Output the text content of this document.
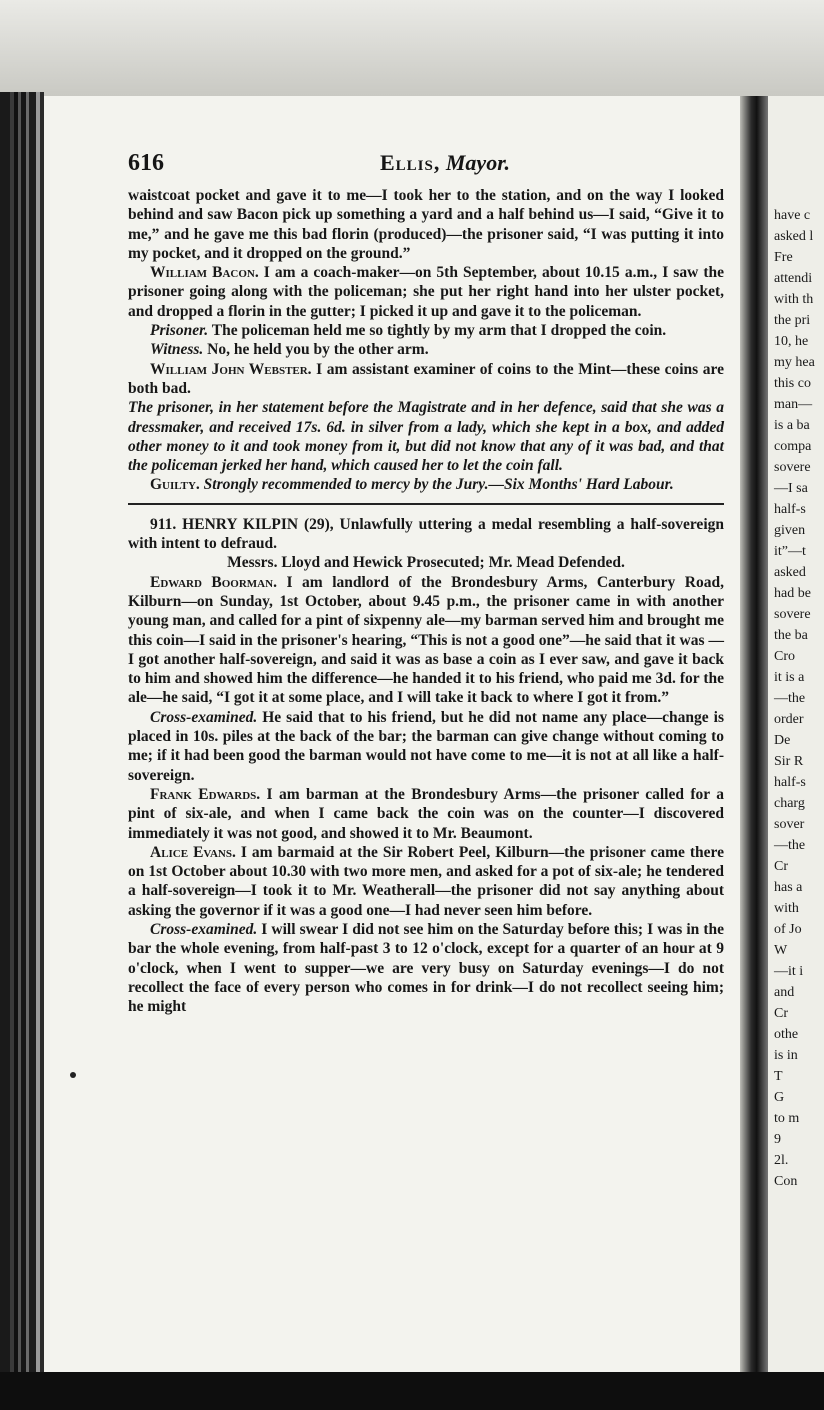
have c
asked l
Fre
attendi
with th
the pri
10, he
my hea
this co
man—
is a ba
compa
sovere
—I sa
half-s
given
it”—t
asked
had be
sovere
the ba
Cro
it is a
—the
order
De
Sir R
half-s
charg
sover
—the
Cr
has a
with
of Jo
W
—it i
and
Cr
othe
is in
T
G
to m
9
2l.
Con
616	Ellis, Mayor.

waistcoat pocket and gave it to me—I took her to the station, and on the way I looked behind and saw Bacon pick up something a yard and a half behind us—I said, “Give it to me,” and he gave me this bad florin (produced)—the prisoner said, “I was putting it into my pocket, and it dropped on the ground.”

William Bacon. I am a coach-maker—on 5th September, about 10.15 a.m., I saw the prisoner going along with the policeman; she put her right hand into her ulster pocket, and dropped a florin in the gutter; I picked it up and gave it to the policeman.

Prisoner. The policeman held me so tightly by my arm that I dropped the coin.

Witness. No, he held you by the other arm.

William John Webster. I am assistant examiner of coins to the Mint—these coins are both bad.

The prisoner, in her statement before the Magistrate and in her defence, said that she was a dressmaker, and received 17s. 6d. in silver from a lady, which she kept in a box, and added other money to it and took money from it, but did not know that any of it was bad, and that the policeman jerked her hand, which caused her to let the coin fall.

Guilty. Strongly recommended to mercy by the Jury.—Six Months' Hard Labour.

911. HENRY KILPIN (29), Unlawfully uttering a medal resembling a half-sovereign with intent to defraud.

Messrs. Lloyd and Hewick Prosecuted; Mr. Mead Defended.

Edward Boorman. I am landlord of the Brondesbury Arms, Canterbury Road, Kilburn—on Sunday, 1st October, about 9.45 p.m., the prisoner came in with another young man, and called for a pint of sixpenny ale—my barman served him and brought me this coin—I said in the prisoner's hearing, “This is not a good one”—he said that it was —I got another half-sovereign, and said it was as base a coin as I ever saw, and gave it back to him and showed him the difference—he handed it to his friend, who paid me 3d. for the ale—he said, “I got it at some place, and I will take it back to where I got it from.”

Cross-examined. He said that to his friend, but he did not name any place—change is placed in 10s. piles at the back of the bar; the barman can give change without coming to me; if it had been good the barman would not have come to me—it is not at all like a half-sovereign.

Frank Edwards. I am barman at the Brondesbury Arms—the prisoner called for a pint of six-ale, and when I came back the coin was on the counter—I discovered immediately it was not good, and showed it to Mr. Beaumont.

Alice Evans. I am barmaid at the Sir Robert Peel, Kilburn—the prisoner came there on 1st October about 10.30 with two more men, and asked for a pot of six-ale; he tendered a half-sovereign—I took it to Mr. Weatherall—the prisoner did not say anything about asking the governor if it was a good one—I had never seen him before.

Cross-examined. I will swear I did not see him on the Saturday before this; I was in the bar the whole evening, from half-past 3 to 12 o'clock, except for a quarter of an hour at 9 o'clock, when I went to supper—we are very busy on Saturday evenings—I do not recollect the face of every person who comes in for drink—I do not recollect seeing him; he might
